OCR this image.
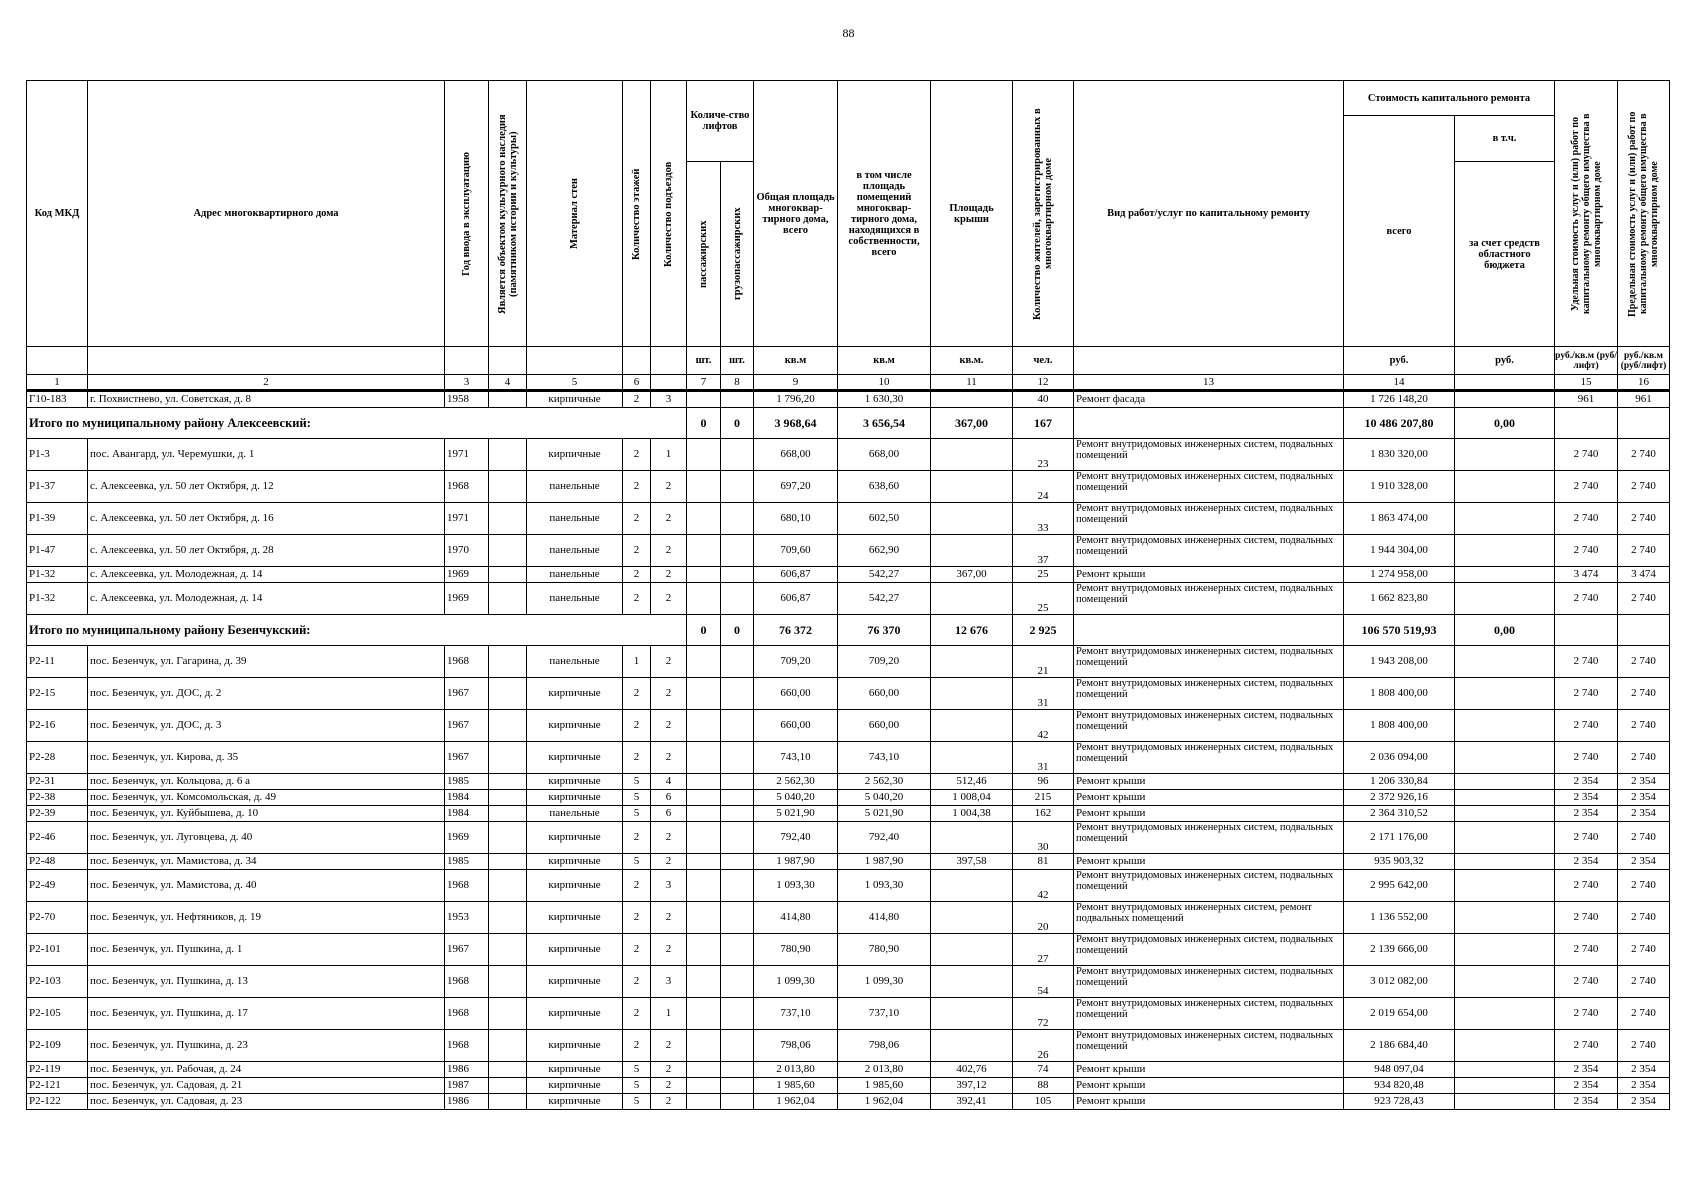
88
Код МКД	Адрес многоквартирного дома	Год ввода в эксплуатацию	Является объектом культурного наследия (памятником истории и культуры)	Материал стен	Количество этажей	Количество подъездов	Количе-ство лифтов		Общая площадь многоквар-тирного дома, всего	в том числе площадь помещений многоквар-тирного дома, находящихся в собственности, всего	Площадь крыши	Количество жителей, зарегистрированных в многоквартирном доме	Вид работ/услуг по капитальному ремонту	Стоимость капитального ремонта		Удельная стоимость услуг и (или) работ по капитальному ремонту общего имущества в многоквартирном доме	Предельная стоимость услуг и (или) работ по капитальному ремонту общего имущества в многоквартирном доме

														всего	в т.ч.		

							пассажирских	грузопассажирских							за счет средств областного бюджета		
							шт.	шт.	кв.м	кв.м	кв.м.	чел.		руб.	руб.	руб./кв.м (руб/лифт)	руб./кв.м (руб/лифт)
1	2	3	4	5	6		7	8	9	10	11	12	13	14		15	16
Г10-183	г. Похвистнево, ул. Советская, д. 8	1958		кирпичные	2	3			1 796,20	1 630,30		40	Ремонт фасада	1 726 148,20		961	961
Итого по муниципальному району Алексеевский:							0	0	3 968,64	3 656,54	367,00	167		10 486 207,80	0,00		
Р1-3	пос. Авангард, ул. Черемушки, д. 1	1971		кирпичные	2	1			668,00	668,00		23	Ремонт внутридомовых инженерных систем, подвальных помещений	1 830 320,00		2 740	2 740
Р1-37	с. Алексеевка, ул. 50 лет Октября, д. 12	1968		панельные	2	2			697,20	638,60		24	Ремонт внутридомовых инженерных систем, подвальных помещений	1 910 328,00		2 740	2 740
Р1-39	с. Алексеевка, ул. 50 лет Октября, д. 16	1971		панельные	2	2			680,10	602,50		33	Ремонт внутридомовых инженерных систем, подвальных помещений	1 863 474,00		2 740	2 740
Р1-47	с. Алексеевка, ул. 50 лет Октября, д. 28	1970		панельные	2	2			709,60	662,90		37	Ремонт внутридомовых инженерных систем, подвальных помещений	1 944 304,00		2 740	2 740
Р1-32	с. Алексеевка, ул. Молодежная, д. 14	1969		панельные	2	2			606,87	542,27	367,00	25	Ремонт крыши	1 274 958,00		3 474	3 474
Р1-32	с. Алексеевка, ул. Молодежная, д. 14	1969		панельные	2	2			606,87	542,27		25	Ремонт внутридомовых инженерных систем, подвальных помещений	1 662 823,80		2 740	2 740
Итого по муниципальному району Безенчукский:							0	0	76 372	76 370	12 676	2 925		106 570 519,93	0,00		
Р2-11	пос. Безенчук, ул. Гагарина, д. 39	1968		панельные	1	2			709,20	709,20		21	Ремонт внутридомовых инженерных систем, подвальных помещений	1 943 208,00		2 740	2 740
Р2-15	пос. Безенчук, ул. ДОС, д. 2	1967		кирпичные	2	2			660,00	660,00		31	Ремонт внутридомовых инженерных систем, подвальных помещений	1 808 400,00		2 740	2 740
Р2-16	пос. Безенчук, ул. ДОС, д. 3	1967		кирпичные	2	2			660,00	660,00		42	Ремонт внутридомовых инженерных систем, подвальных помещений	1 808 400,00		2 740	2 740
Р2-28	пос. Безенчук, ул. Кирова, д. 35	1967		кирпичные	2	2			743,10	743,10		31	Ремонт внутридомовых инженерных систем, подвальных помещений	2 036 094,00		2 740	2 740
Р2-31	пос. Безенчук, ул. Кольцова, д. 6 а	1985		кирпичные	5	4			2 562,30	2 562,30	512,46	96	Ремонт крыши	1 206 330,84		2 354	2 354
Р2-38	пос. Безенчук, ул. Комсомольская, д. 49	1984		кирпичные	5	6			5 040,20	5 040,20	1 008,04	215	Ремонт крыши	2 372 926,16		2 354	2 354
Р2-39	пос. Безенчук, ул. Куйбышева, д. 10	1984		панельные	5	6			5 021,90	5 021,90	1 004,38	162	Ремонт крыши	2 364 310,52		2 354	2 354
Р2-46	пос. Безенчук, ул. Луговцева, д. 40	1969		кирпичные	2	2			792,40	792,40		30	Ремонт внутридомовых инженерных систем, подвальных помещений	2 171 176,00		2 740	2 740
Р2-48	пос. Безенчук, ул. Мамистова, д. 34	1985		кирпичные	5	2			1 987,90	1 987,90	397,58	81	Ремонт крыши	935 903,32		2 354	2 354
Р2-49	пос. Безенчук, ул. Мамистова, д. 40	1968		кирпичные	2	3			1 093,30	1 093,30		42	Ремонт внутридомовых инженерных систем, подвальных помещений	2 995 642,00		2 740	2 740
Р2-70	пос. Безенчук, ул. Нефтяников, д. 19	1953		кирпичные	2	2			414,80	414,80		20	Ремонт внутридомовых инженерных систем, ремонт подвальных помещений	1 136 552,00		2 740	2 740
Р2-101	пос. Безенчук, ул. Пушкина, д. 1	1967		кирпичные	2	2			780,90	780,90		27	Ремонт внутридомовых инженерных систем, подвальных помещений	2 139 666,00		2 740	2 740
Р2-103	пос. Безенчук, ул. Пушкина, д. 13	1968		кирпичные	2	3			1 099,30	1 099,30		54	Ремонт внутридомовых инженерных систем, подвальных помещений	3 012 082,00		2 740	2 740
Р2-105	пос. Безенчук, ул. Пушкина, д. 17	1968		кирпичные	2	1			737,10	737,10		72	Ремонт внутридомовых инженерных систем, подвальных помещений	2 019 654,00		2 740	2 740
Р2-109	пос. Безенчук, ул. Пушкина, д. 23	1968		кирпичные	2	2			798,06	798,06		26	Ремонт внутридомовых инженерных систем, подвальных помещений	2 186 684,40		2 740	2 740
Р2-119	пос. Безенчук, ул. Рабочая, д. 24	1986		кирпичные	5	2			2 013,80	2 013,80	402,76	74	Ремонт крыши	948 097,04		2 354	2 354
Р2-121	пос. Безенчук, ул. Садовая, д. 21	1987		кирпичные	5	2			1 985,60	1 985,60	397,12	88	Ремонт крыши	934 820,48		2 354	2 354
Р2-122	пос. Безенчук, ул. Садовая, д. 23	1986		кирпичные	5	2			1 962,04	1 962,04	392,41	105	Ремонт крыши	923 728,43		2 354	2 354
